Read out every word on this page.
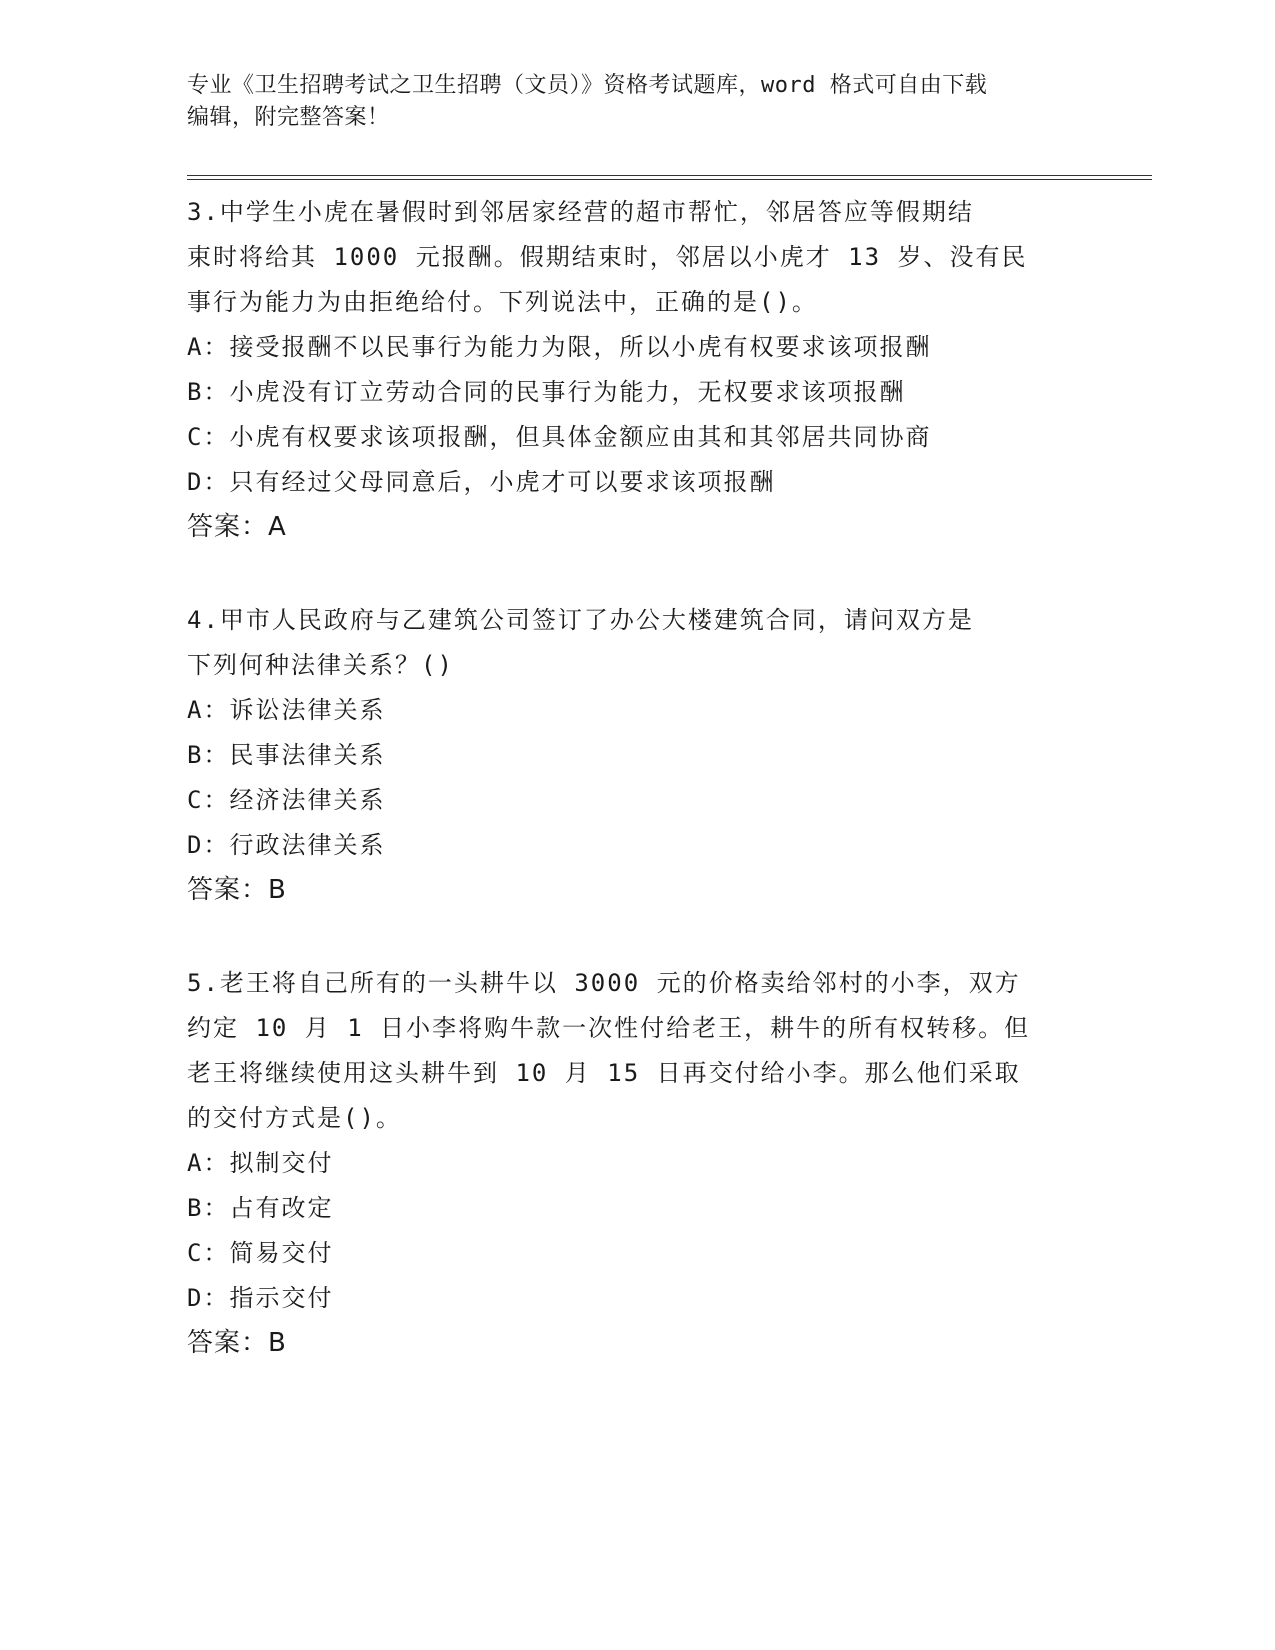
专业《卫生招聘考试之卫生招聘（文员）》资格考试题库，word 格式可自由下载

编辑，附完整答案！

3.中学生小虎在暑假时到邻居家经营的超市帮忙，邻居答应等假期结

束时将给其 1000 元报酬。假期结束时，邻居以小虎才 13 岁、没有民

事行为能力为由拒绝给付。下列说法中，正确的是()。

A：接受报酬不以民事行为能力为限，所以小虎有权要求该项报酬

B：小虎没有订立劳动合同的民事行为能力，无权要求该项报酬

C：小虎有权要求该项报酬，但具体金额应由其和其邻居共同协商

D：只有经过父母同意后，小虎才可以要求该项报酬

答案：A

4.甲市人民政府与乙建筑公司签订了办公大楼建筑合同，请问双方是

下列何种法律关系？()

A：诉讼法律关系

B：民事法律关系

C：经济法律关系

D：行政法律关系

答案：B

5.老王将自己所有的一头耕牛以 3000 元的价格卖给邻村的小李，双方

约定 10 月 1 日小李将购牛款一次性付给老王，耕牛的所有权转移。但

老王将继续使用这头耕牛到 10 月 15 日再交付给小李。那么他们采取

的交付方式是()。

A：拟制交付

B：占有改定

C：简易交付

D：指示交付

答案：B
